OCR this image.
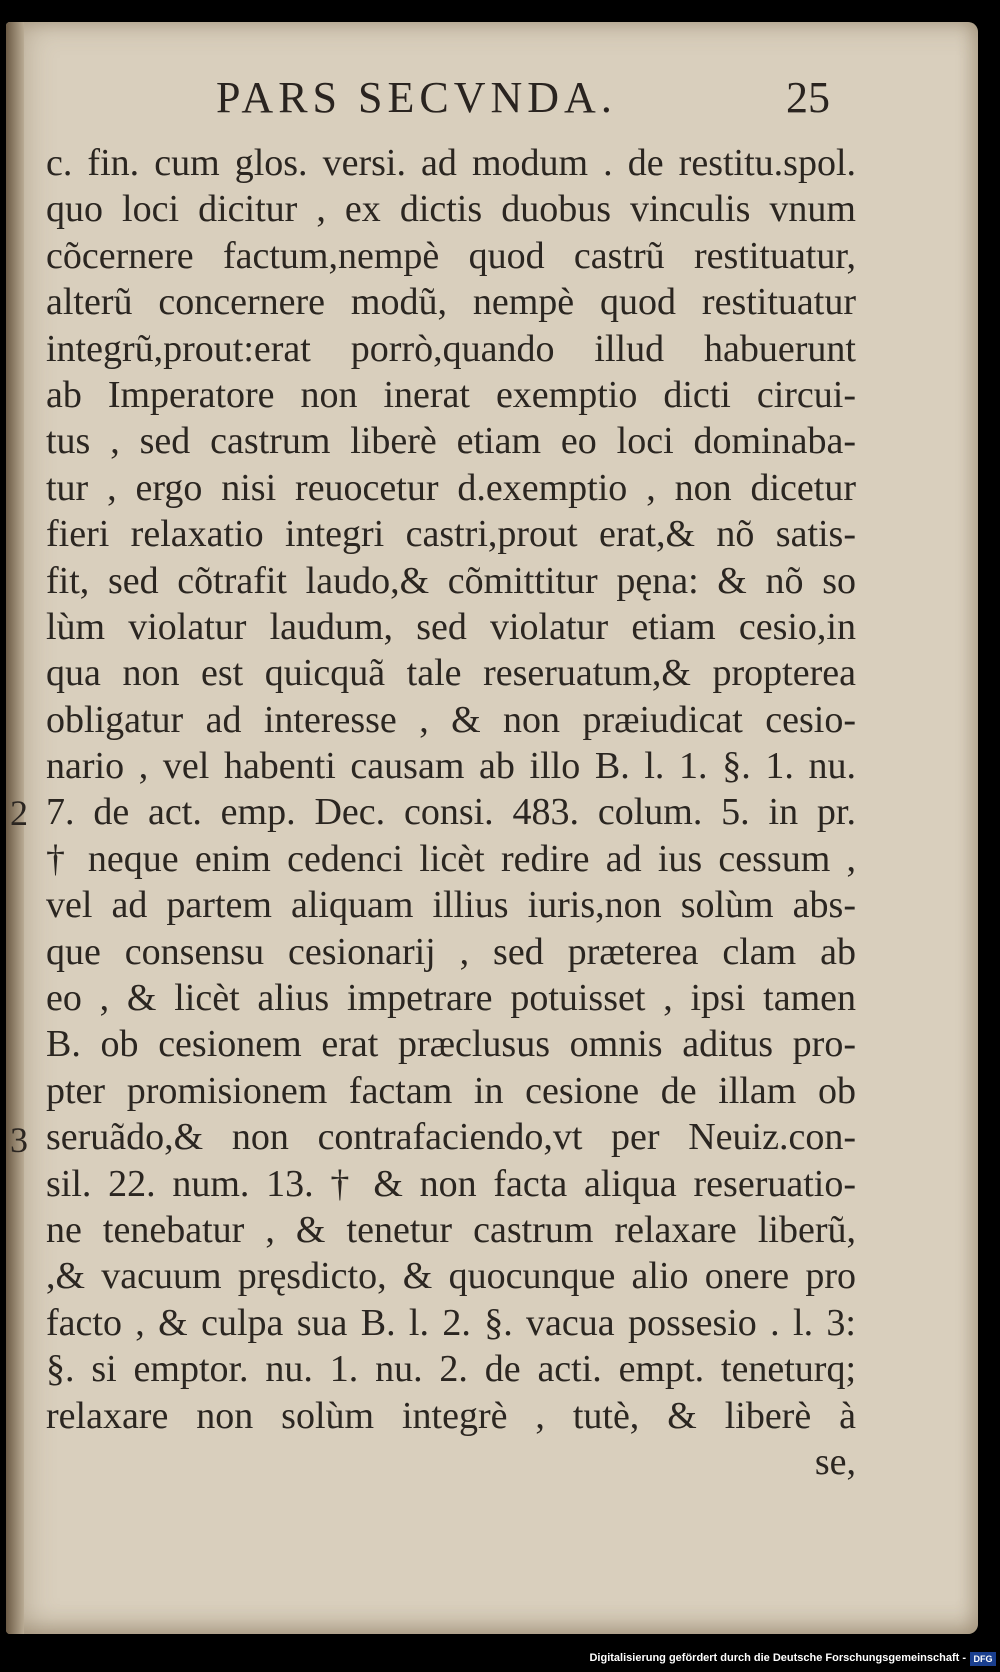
PARS SECVNDA.	25
2
3
c. fin. cum glos. versi. ad modum . de restitu.spol.
quo loci dicitur , ex dictis duobus vinculis vnum
cõcernere factum,nempè quod castrũ restituatur,
alterũ concernere modũ, nempè quod restituatur
integrũ,prout:erat porrò,quando illud habuerunt
ab Imperatore non inerat exemptio dicti circui-
tus , sed castrum liberè etiam eo loci dominaba-
tur , ergo nisi reuocetur d.exemptio , non dicetur
fieri relaxatio integri castri,prout erat,& nõ satis-
fit, sed cõtrafit laudo,& cõmittitur pęna: & nõ so
lùm violatur laudum, sed violatur etiam cesio,in
qua non est quicquã tale reseruatum,& propterea
obligatur ad interesse , & non præiudicat cesio-
nario , vel habenti causam ab illo B. l. 1. §. 1. nu.
7. de act. emp. Dec. consi. 483. colum. 5. in pr.
† neque enim cedenci licèt redire ad ius cessum ,
vel ad partem aliquam illius iuris,non solùm abs-
que consensu cesionarij , sed prӕterea clam ab
eo , & licèt alius impetrare potuisset , ipsi tamen
B. ob cesionem erat præclusus omnis aditus pro-
pter promisionem factam in cesione de illam ob
seruãdo,& non contrafaciendo,vt per Neuiz.con-
sil. 22. num. 13. † & non facta aliqua reseruatio-
ne tenebatur , & tenetur castrum relaxare liberũ,
,& vacuum pręsdicto, & quocunque alio onere pro
facto , & culpa sua B. l. 2. §. vacua possesio . l. 3:
§. si emptor. nu. 1. nu. 2. de acti. empt. teneturq;
relaxare non solùm integrè , tutè, & liberè à
se,
Digitalisierung gefördert durch die Deutsche Forschungsgemeinschaft - DFG
